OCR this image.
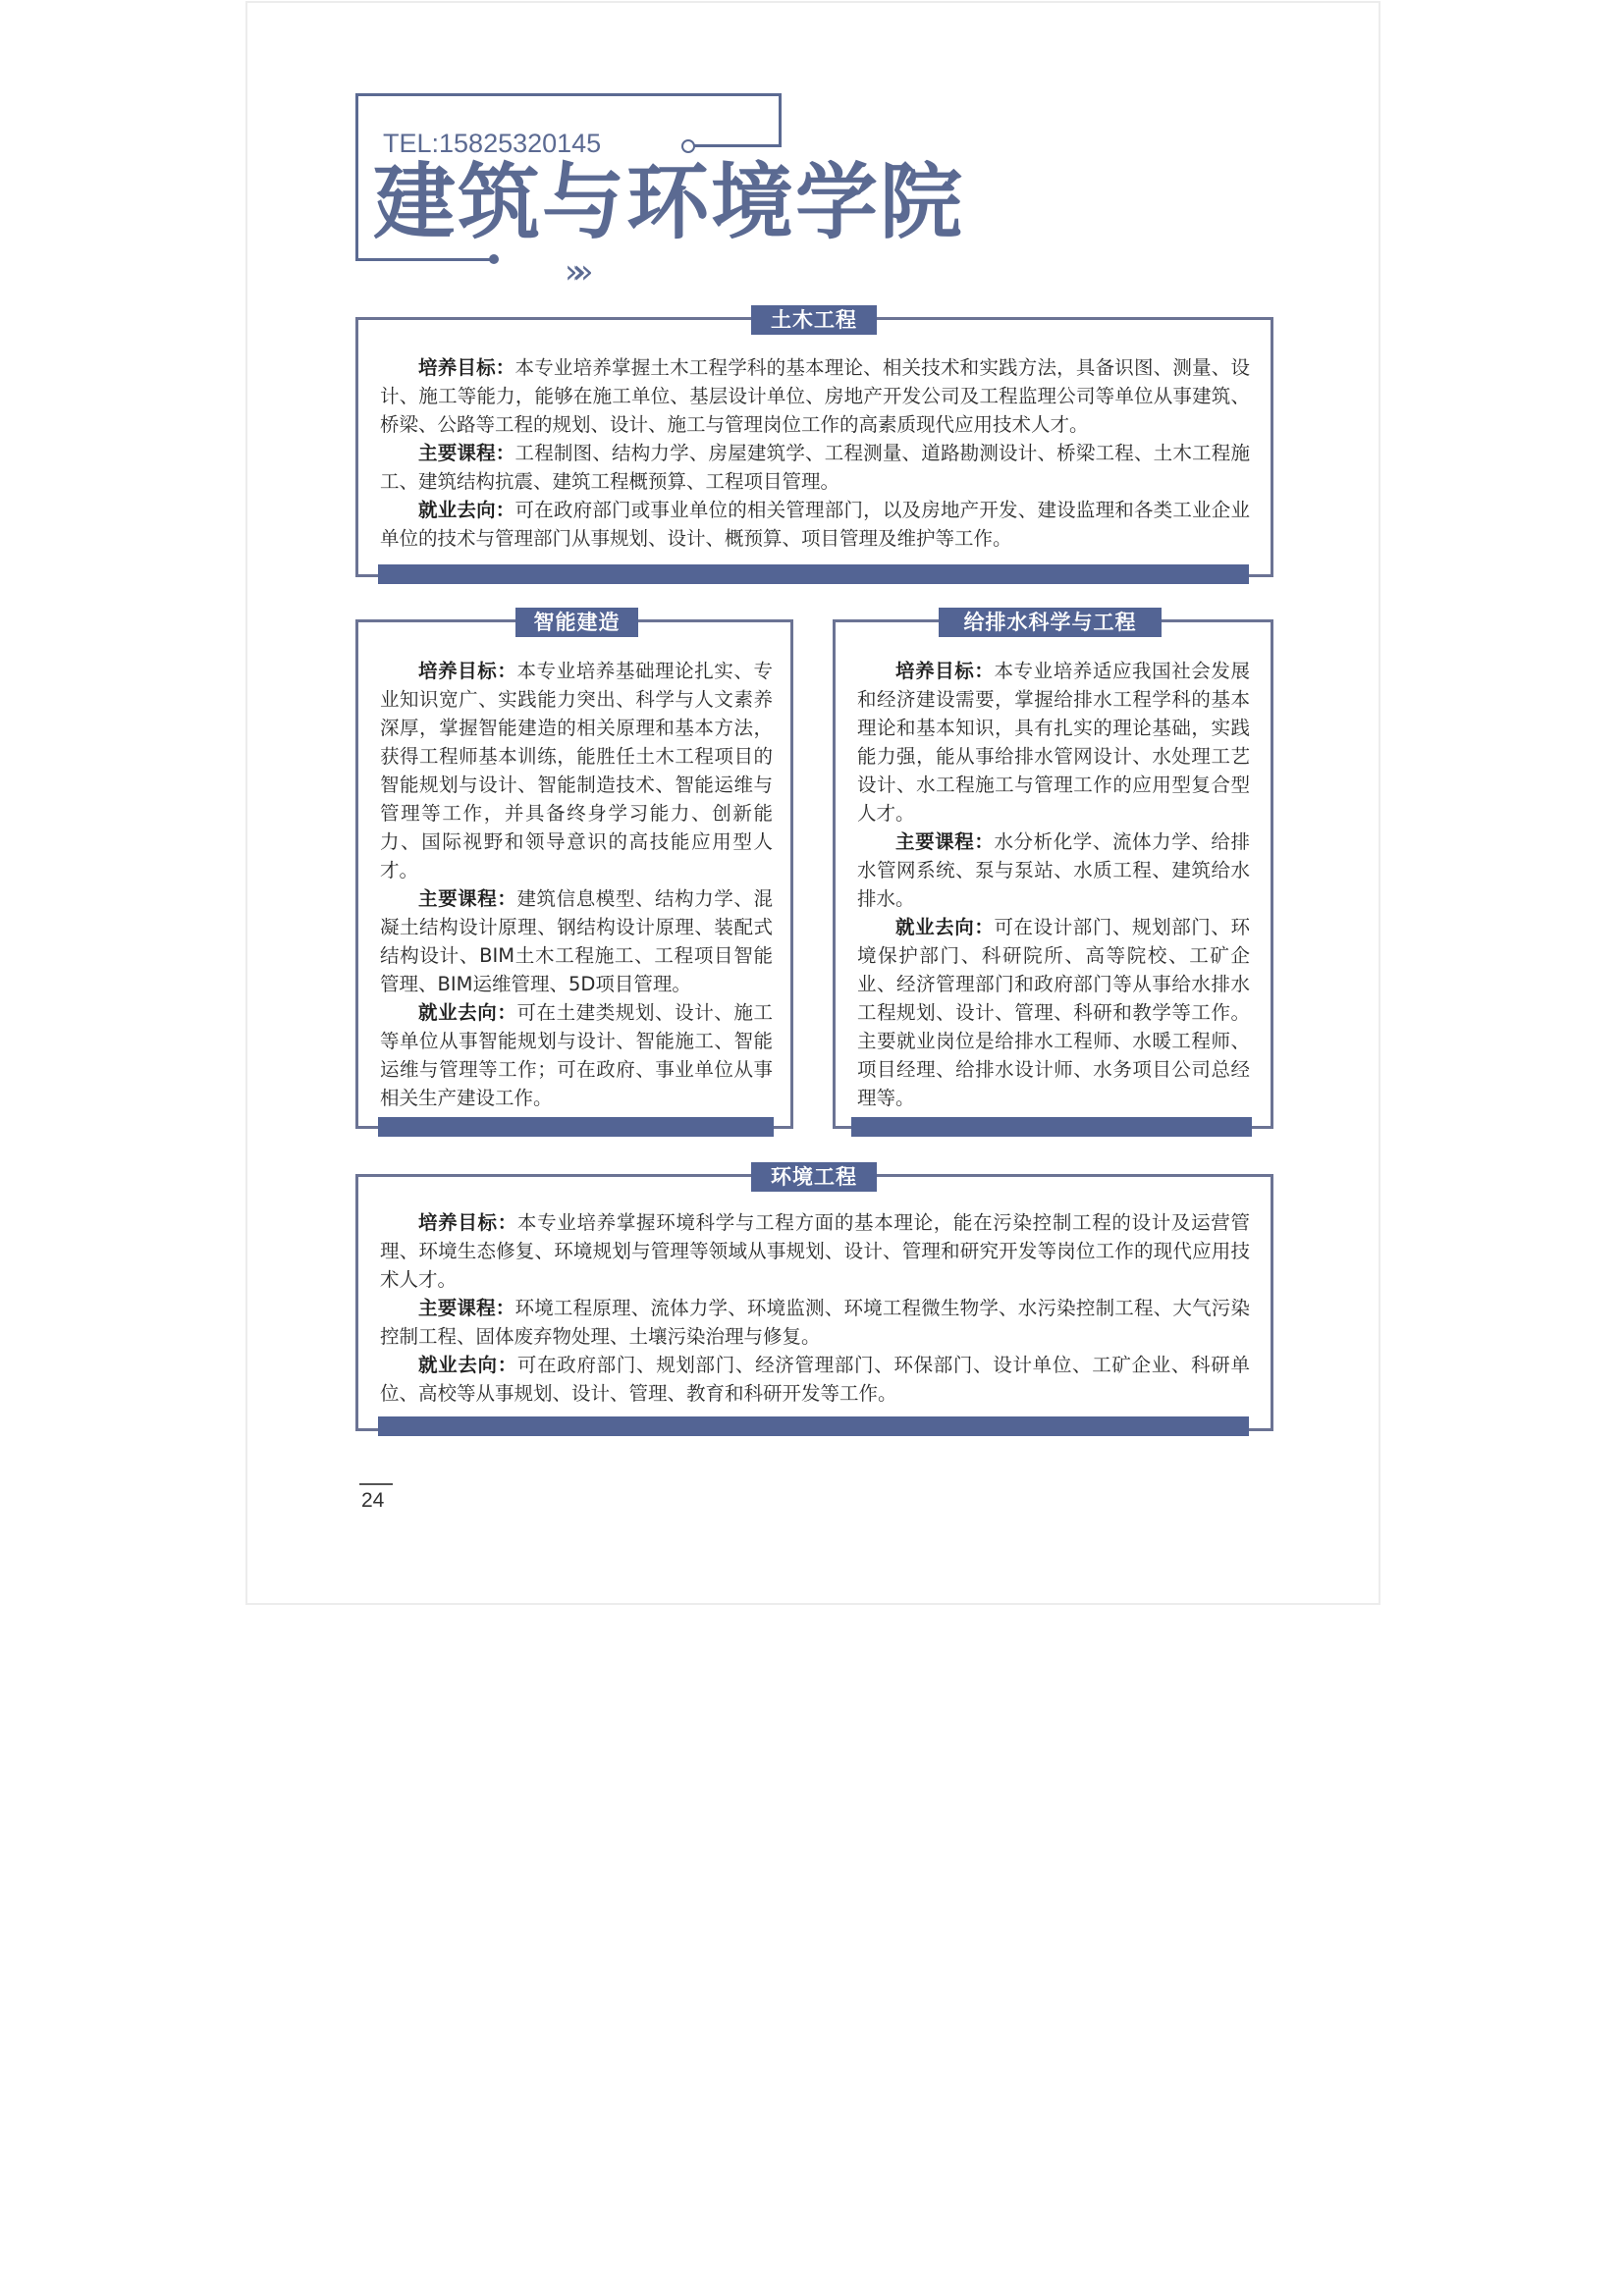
»»
TEL:15825320145
建筑与环境学院
土木工程

培养目标：本专业培养掌握土木工程学科的基本理论、相关技术和实践方法，具备识图、测量、设计、施工等能力，能够在施工单位、基层设计单位、房地产开发公司及工程监理公司等单位从事建筑、桥梁、公路等工程的规划、设计、施工与管理岗位工作的高素质现代应用技术人才。

主要课程：工程制图、结构力学、房屋建筑学、工程测量、道路勘测设计、桥梁工程、土木工程施工、建筑结构抗震、建筑工程概预算、工程项目管理。

就业去向：可在政府部门或事业单位的相关管理部门，以及房地产开发、建设监理和各类工业企业单位的技术与管理部门从事规划、设计、概预算、项目管理及维护等工作。

智能建造

培养目标：本专业培养基础理论扎实、专业知识宽广、实践能力突出、科学与人文素养深厚，掌握智能建造的相关原理和基本方法，获得工程师基本训练，能胜任土木工程项目的智能规划与设计、智能制造技术、智能运维与管理等工作，并具备终身学习能力、创新能力、国际视野和领导意识的高技能应用型人才。

主要课程：建筑信息模型、结构力学、混凝土结构设计原理、钢结构设计原理、装配式结构设计、BIM土木工程施工、工程项目智能管理、BIM运维管理、5D项目管理。

就业去向：可在土建类规划、设计、施工等单位从事智能规划与设计、智能施工、智能运维与管理等工作；可在政府、事业单位从事相关生产建设工作。

给排水科学与工程

培养目标：本专业培养适应我国社会发展和经济建设需要，掌握给排水工程学科的基本理论和基本知识，具有扎实的理论基础，实践能力强，能从事给排水管网设计、水处理工艺设计、水工程施工与管理工作的应用型复合型人才。

主要课程：水分析化学、流体力学、给排水管网系统、泵与泵站、水质工程、建筑给水排水。

就业去向：可在设计部门、规划部门、环境保护部门、科研院所、高等院校、工矿企业、经济管理部门和政府部门等从事给水排水工程规划、设计、管理、科研和教学等工作。主要就业岗位是给排水工程师、水暖工程师、项目经理、给排水设计师、水务项目公司总经理等。

环境工程

培养目标：本专业培养掌握环境科学与工程方面的基本理论，能在污染控制工程的设计及运营管理、环境生态修复、环境规划与管理等领域从事规划、设计、管理和研究开发等岗位工作的现代应用技术人才。

主要课程：环境工程原理、流体力学、环境监测、环境工程微生物学、水污染控制工程、大气污染控制工程、固体废弃物处理、土壤污染治理与修复。

就业去向：可在政府部门、规划部门、经济管理部门、环保部门、设计单位、工矿企业、科研单位、高校等从事规划、设计、管理、教育和科研开发等工作。

24
